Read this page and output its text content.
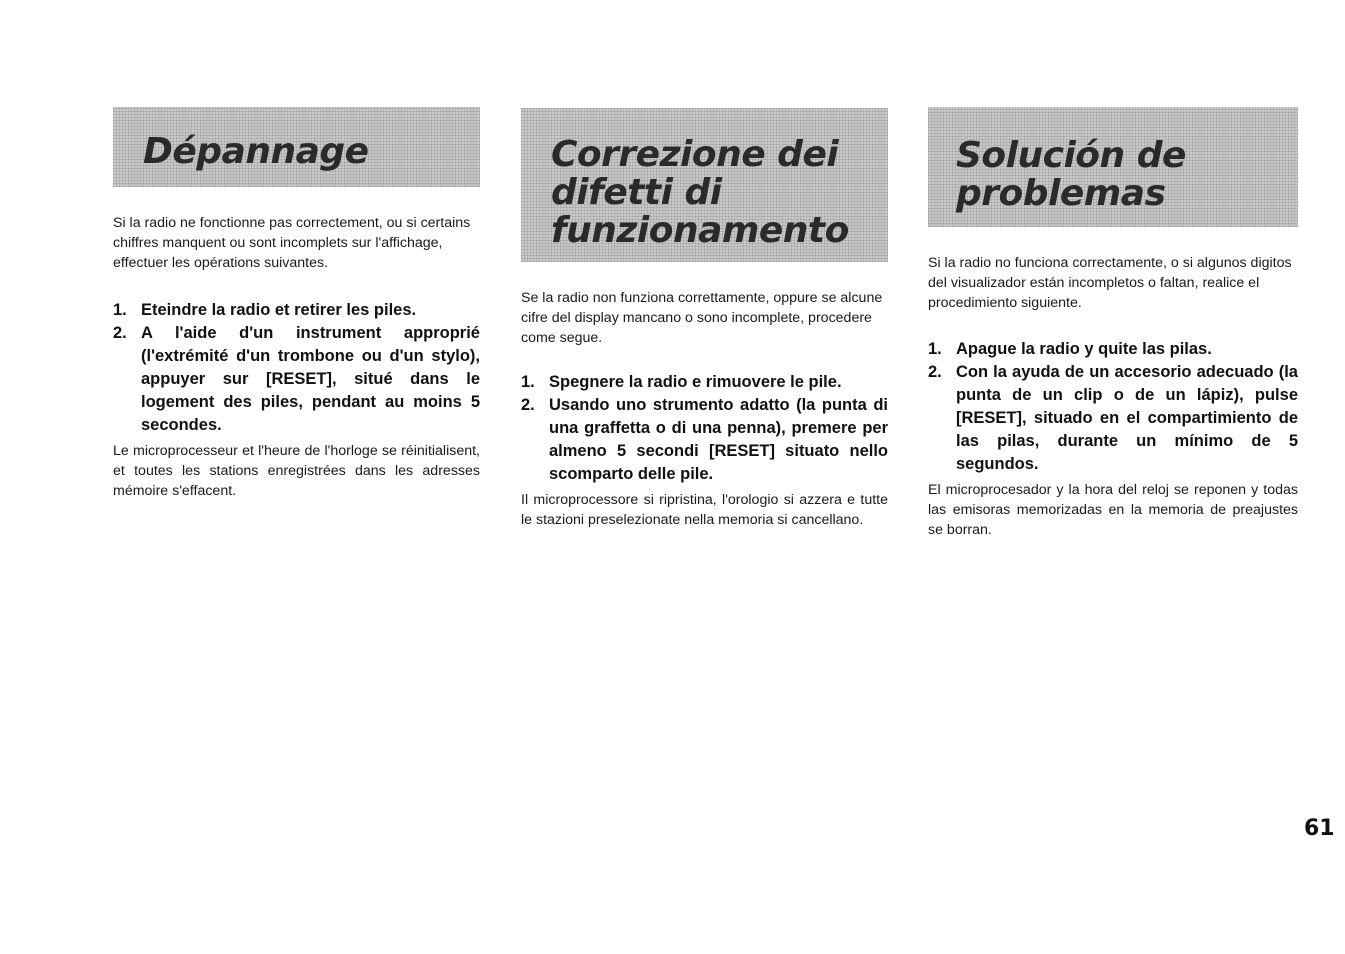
Dépannage

Si la radio ne fonctionne pas correctement, ou si certains chiffres manquent ou sont incomplets sur l'affichage, effectuer les opérations suivantes.

1. Eteindre la radio et retirer les piles.
2. A l'aide d'un instrument approprié (l'extrémité d'un trombone ou d'un stylo), appuyer sur [RESET], situé dans le logement des piles, pendant au moins 5 secondes.

Le microprocesseur et l'heure de l'horloge se réinitialisent, et toutes les stations enregistrées dans les adresses mémoire s'effacent.

Correzione dei difetti di funzionamento

Se la radio non funziona correttamente, oppure se alcune cifre del display mancano o sono incomplete, procedere come segue.

1. Spegnere la radio e rimuovere le pile.
2. Usando uno strumento adatto (la punta di una graffetta o di una penna), premere per almeno 5 secondi [RESET] situato nello scomparto delle pile.

Il microprocessore si ripristina, l'orologio si azzera e tutte le stazioni preselezionate nella memoria si cancellano.

Solución de problemas

Si la radio no funciona correctamente, o si algunos digitos del visualizador están incompletos o faltan, realice el procedimiento siguiente.

1. Apague la radio y quite las pilas.
2. Con la ayuda de un accesorio adecuado (la punta de un clip o de un lápiz), pulse [RESET], situado en el compartimiento de las pilas, durante un mínimo de 5 segundos.

El microprocesador y la hora del reloj se reponen y todas las emisoras memorizadas en la memoria de preajustes se borran.

61
